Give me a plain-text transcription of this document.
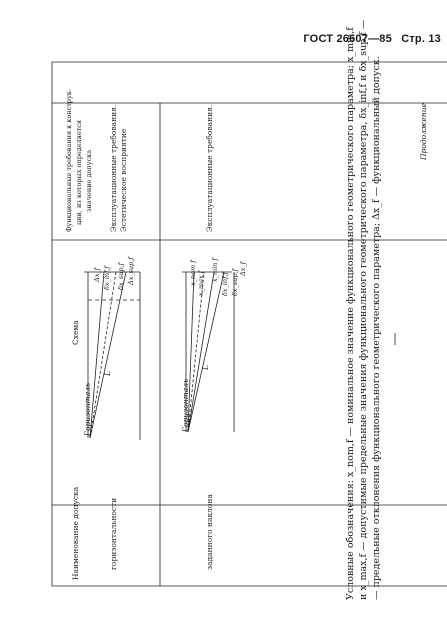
ГОСТ 26607—85 Стр. 13
Продолжение
Наименование допуска
Схема
Функциональные требования к конструк- ции, из которых определяется значение допуска
горизонтальности
Эксплуатационные требования. Эстетическое восприятие
Горизонталь
L
Δx_f δx_inf,f δx_sup,f Δx_sup,f
заданного наклона
Эксплуатационные требования.
Горизонталь
L
x_nom f x_max f
x_min f
δx_inf,f δx_sup,f
Δx_f	Условные обозначения: x_nom,f — номинальное значение функционального геометрического параметра; x_min,f и x_max,f — допустимые предельные значения функционального геометрического параметра, δx_inf,f и δx_sup,f — — предельные отклонения функционального геометрического параметра; Δx_f — функциональный допуск.
